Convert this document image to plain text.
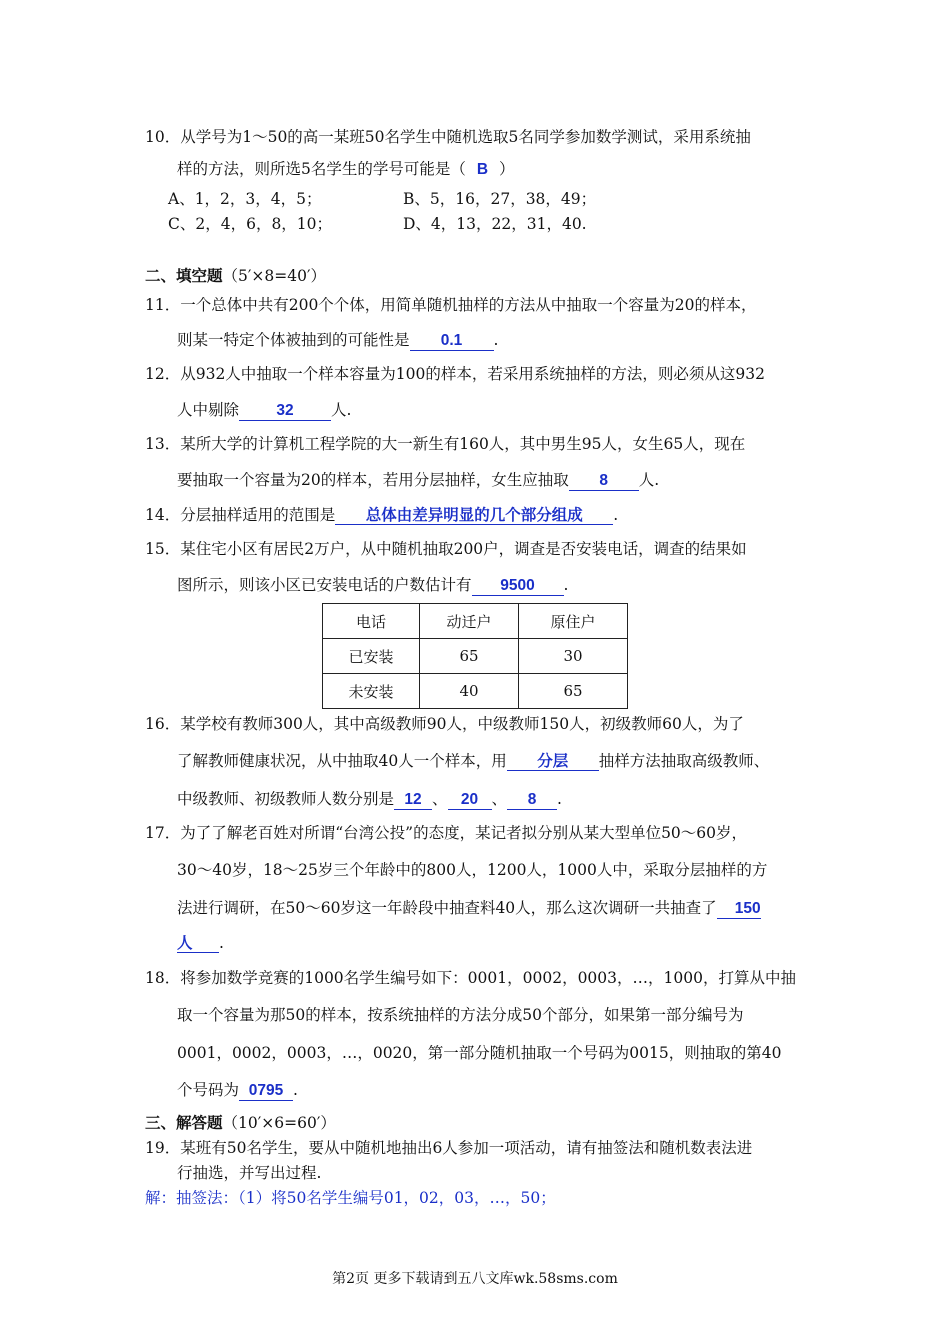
10．从学号为1～50的高一某班50名学生中随机选取5名同学参加数学测试，采用系统抽
样的方法，则所选5名学生的学号可能是（ B ）
A、1，2，3，4，5；	B、5，16，27，38，49；
C、2，4，6，8，10；	D、4，13，22，31，40.
二、填空题（5′×8=40′）
11．一个总体中共有200个个体，用简单随机抽样的方法从中抽取一个容量为20的样本，
则某一特定个体被抽到的可能性是 0.1 .
12．从932人中抽取一个样本容量为100的样本，若采用系统抽样的方法，则必须从这932
人中剔除 32 人.
13．某所大学的计算机工程学院的大一新生有160人，其中男生95人，女生65人，现在
要抽取一个容量为20的样本，若用分层抽样，女生应抽取 8 人.
14．分层抽样适用的范围是 总体由差异明显的几个部分组成 .
15．某住宅小区有居民2万户，从中随机抽取200户，调查是否安装电话，调查的结果如
图所示，则该小区已安装电话的户数估计有 9500 .
电话	动迁户	原住户
已安装	65	30
未安装	40	65
16．某学校有教师300人，其中高级教师90人，中级教师150人，初级教师60人，为了
了解教师健康状况，从中抽取40人一个样本，用 分层 抽样方法抽取高级教师、
中级教师、初级教师人数分别是 12 、 20 、 8 .
17．为了了解老百姓对所谓“台湾公投”的态度，某记者拟分别从某大型单位50～60岁，
30～40岁，18～25岁三个年龄中的800人，1200人，1000人中，采取分层抽样的方
法进行调研，在50～60岁这一年龄段中抽查料40人，那么这次调研一共抽查了 150
人 .
18．将参加数学竞赛的1000名学生编号如下：0001，0002，0003，…，1000，打算从中抽
取一个容量为那50的样本，按系统抽样的方法分成50个部分，如果第一部分编号为
0001，0002，0003，…，0020，第一部分随机抽取一个号码为0015，则抽取的第40
个号码为 0795 .
三、解答题（10′×6=60′）
19．某班有50名学生，要从中随机地抽出6人参加一项活动，请有抽签法和随机数表法进
行抽选，并写出过程.
解：抽签法：（1）将50名学生编号01，02，03，…，50；
第2页 更多下载请到五八文库wk.58sms.com
